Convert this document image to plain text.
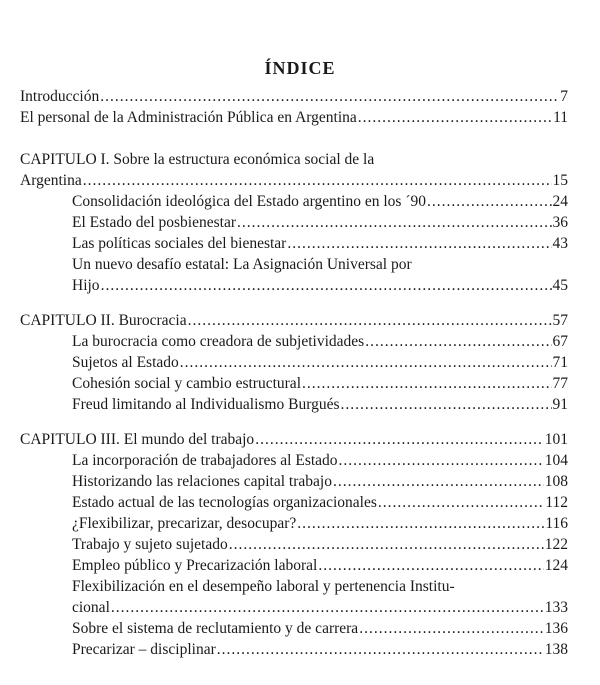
ÍNDICE
Introducción .....	7
El personal de la Administración Pública en Argentina .....	11
CAPITULO I. Sobre la estructura económica social de la
Argentina .....	15
Consolidación ideológica del Estado argentino en los ´90 .....	24
El Estado del posbienestar .....	36
Las políticas sociales del bienestar .....	43
Un nuevo desafío estatal: La Asignación Universal por
Hijo .....	45
CAPITULO II. Burocracia .....	57
La burocracia como creadora de subjetividades .....	67
Sujetos al Estado .....	71
Cohesión social y cambio estructural .....	77
Freud limitando al Individualismo Burgués .....	91
CAPITULO III. El mundo del trabajo .....	101
La incorporación de trabajadores al Estado .....	104
Historizando las relaciones capital trabajo .....	108
Estado actual de las tecnologías organizacionales .....	112
¿Flexibilizar, precarizar, desocupar? .....	116
Trabajo y sujeto sujetado .....	122
Empleo público y Precarización laboral .....	124
Flexibilización en el desempeño laboral y pertenencia Institu-
cional .....	133
Sobre el sistema de reclutamiento y de carrera .....	136
Precarizar – disciplinar .....	138
